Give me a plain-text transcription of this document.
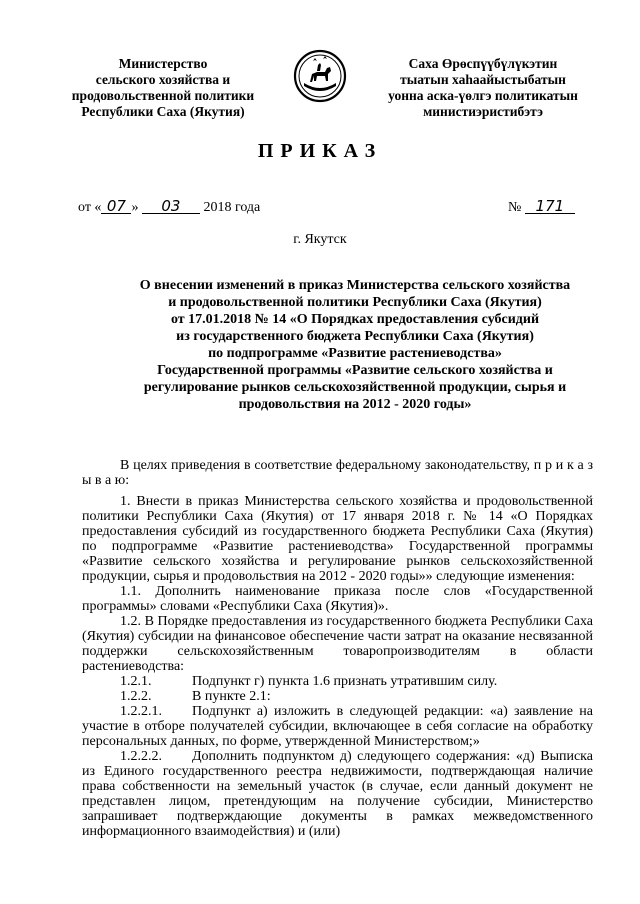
Министерство
сельского хозяйства и
продовольственной политики
Республики Саха (Якутия)
Саха Өрөспүүбүлүкэтин
тыатын хаһаайыстыбатын
уонна аска-үөлгэ политикатын
министиэристибэтэ
ПРИКАЗ
от « 07 » 03 2018 года	№ 171
г. Якутск
О внесении изменений в приказ Министерства сельского хозяйства
и продовольственной политики Республики Саха (Якутия)
от 17.01.2018 № 14 «О Порядках предоставления субсидий
из государственного бюджета Республики Саха (Якутия)
по подпрограмме «Развитие растениеводства»
Государственной программы «Развитие сельского хозяйства и
регулирование рынков сельскохозяйственной продукции, сырья и
продовольствия на 2012 - 2020 годы»

В целях приведения в соответствие федеральному законодательству, п р и к а з ы в а ю:

1. Внести в приказ Министерства сельского хозяйства и продовольственной политики Республики Саха (Якутия) от 17 января 2018 г. № 14 «О Порядках предоставления субсидий из государственного бюджета Республики Саха (Якутия) по подпрограмме «Развитие растениеводства» Государственной программы «Развитие сельского хозяйства и регулирование рынков сельскохозяйственной продукции, сырья и продовольствия на 2012 - 2020 годы»» следующие изменения:

1.1. Дополнить наименование приказа после слов «Государственной программы» словами «Республики Саха (Якутия)».

1.2. В Порядке предоставления из государственного бюджета Республики Саха (Якутия) субсидии на финансовое обеспечение части затрат на оказание несвязанной поддержки сельскохозяйственным товаропроизводителям в области растениеводства:

1.2.1.	Подпункт г) пункта 1.6 признать утратившим силу.
1.2.2.	В пункте 2.1:

1.2.2.1. Подпункт а) изложить в следующей редакции: «а) заявление на участие в отборе получателей субсидии, включающее в себя согласие на обработку персональных данных, по форме, утвержденной Министерством;»

1.2.2.2. Дополнить подпунктом д) следующего содержания: «д) Выписка из Единого государственного реестра недвижимости, подтверждающая наличие права собственности на земельный участок (в случае, если данный документ не представлен лицом, претендующим на получение субсидии, Министерство запрашивает подтверждающие документы в рамках межведомственного информационного взаимодействия) и (или)
